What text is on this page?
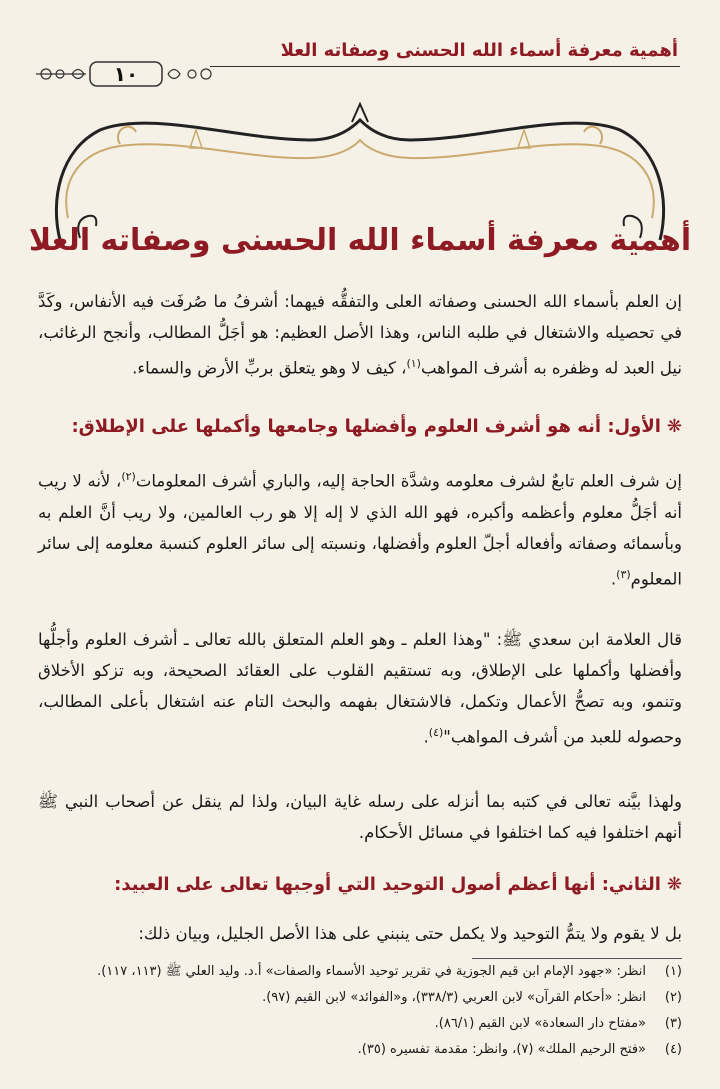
أهمية معرفة أسماء الله الحسنى وصفاته العلا
١٠
أهمية معرفة أسماء الله الحسنى وصفاته العلا
إن العلم بأسماء الله الحسنى وصفاته العلى والتفقُّه فيهما: أشرفُ ما صُرفَت فيه الأنفاس، وكَدَّ في تحصيله والاشتغال في طلبه الناس، وهذا الأصل العظيم: هو أجَلُّ المطالب، وأنجح الرغائب، نيل العبد له وظفره به أشرف المواهب$^{(١)}$، كيف لا وهو يتعلق بربِّ الأرض والسماء.
❋الأول: أنه هو أشرف العلوم وأفضلها وجامعها وأكملها على الإطلاق:
إن شرف العلم تابعٌ لشرف معلومه وشدَّة الحاجة إليه، والباري أشرف المعلومات$^{(٢)}$، لأنه لا ريب أنه أجَلُّ معلوم وأعظمه وأكبره، فهو الله الذي لا إله إلا هو رب العالمين، ولا ريب أنَّ العلم به وبأسمائه وصفاته وأفعاله أجلّ العلوم وأفضلها، ونسبته إلى سائر العلوم كنسبة معلومه إلى سائر المعلوم$^{(٣)}$.
قال العلامة ابن سعدي ﷺ: "وهذا العلم ـ وهو العلم المتعلق بالله تعالى ـ أشرف العلوم وأجلُّها وأفضلها وأكملها على الإطلاق، وبه تستقيم القلوب على العقائد الصحيحة، وبه تزكو الأخلاق وتنمو، وبه تصحُّ الأعمال وتكمل، فالاشتغال بفهمه والبحث التام عنه اشتغال بأعلى المطالب، وحصوله للعبد من أشرف المواهب"$^{(٤)}$.
ولهذا بيَّنه تعالى في كتبه بما أنزله على رسله غاية البيان، ولذا لم ينقل عن أصحاب النبي ﷺ أنهم اختلفوا فيه كما اختلفوا في مسائل الأحكام.
❋الثاني: أنها أعظم أصول التوحيد التي أوجبها تعالى على العبيد:
بل لا يقوم ولا يتمُّ التوحيد ولا يكمل حتى ينبني على هذا الأصل الجليل، وبيان ذلك:
(١)
انظر: «جهود الإمام ابن قيم الجوزية في تقرير توحيد الأسماء والصفات» أ.د. وليد العلي ﷺ (١١٣، ١١٧).
(٢)
انظر: «أحكام القرآن» لابن العربي (٣٣٨/٣)، و«الفوائد» لابن القيم (٩٧).
(٣)
«مفتاح دار السعادة» لابن القيم (٨٦/١).
(٤)
«فتح الرحيم الملك» (٧)، وانظر: مقدمة تفسيره (٣٥).
